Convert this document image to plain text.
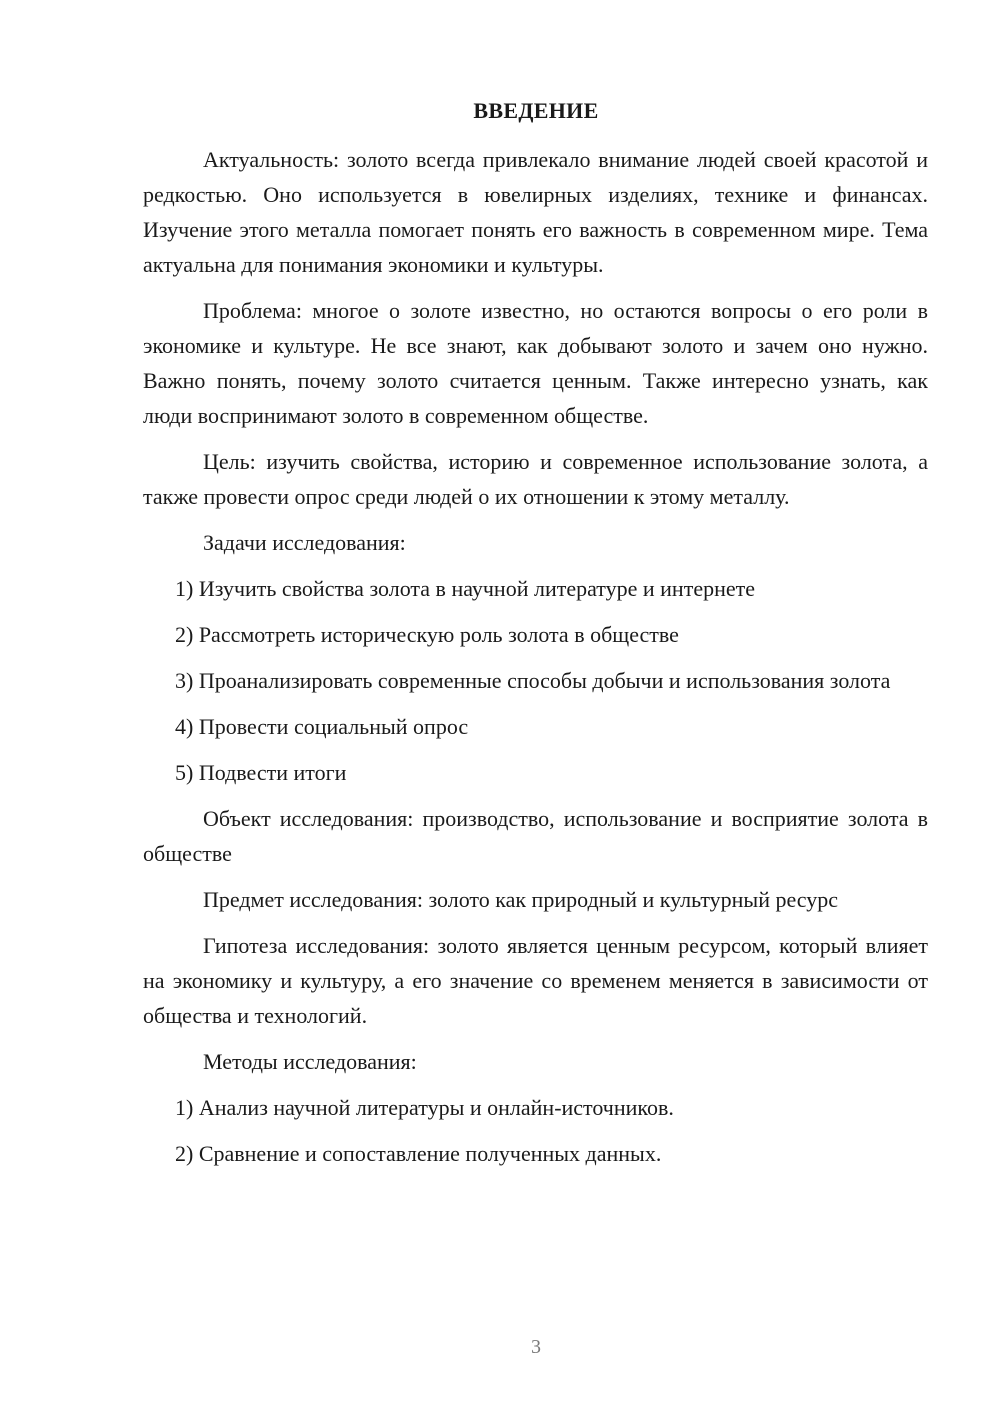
ВВЕДЕНИЕ

Актуальность: золото всегда привлекало внимание людей своей красотой и редкостью. Оно используется в ювелирных изделиях, технике и финансах. Изучение этого металла помогает понять его важность в современном мире. Тема актуальна для понимания экономики и культуры.

Проблема: многое о золоте известно, но остаются вопросы о его роли в экономике и культуре. Не все знают, как добывают золото и зачем оно нужно. Важно понять, почему золото считается ценным. Также интересно узнать, как люди воспринимают золото в современном обществе.

Цель: изучить свойства, историю и современное использование золота, а также провести опрос среди людей о их отношении к этому металлу.

Задачи исследования:

1) Изучить свойства золота в научной литературе и интернете

2) Рассмотреть историческую роль золота в обществе

3) Проанализировать современные способы добычи и использования золота

4) Провести социальный опрос

5) Подвести итоги

Объект исследования: производство, использование и восприятие золота в обществе

Предмет исследования: золото как природный и культурный ресурс

Гипотеза исследования: золото является ценным ресурсом, который влияет на экономику и культуру, а его значение со временем меняется в зависимости от общества и технологий.

Методы исследования:

1) Анализ научной литературы и онлайн-источников.

2) Сравнение и сопоставление полученных данных.

3
